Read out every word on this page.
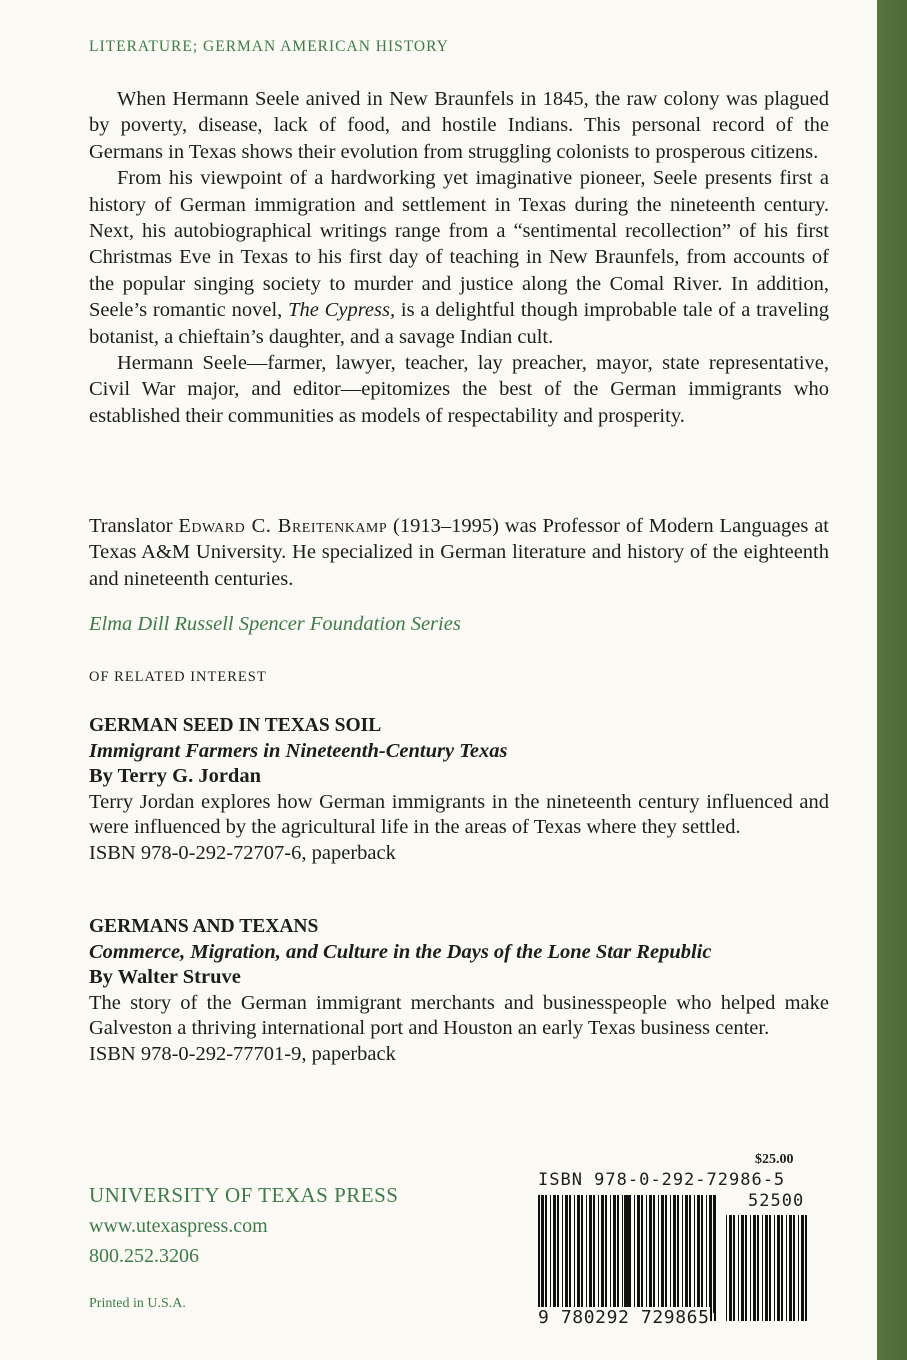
LITERATURE; GERMAN AMERICAN HISTORY

When Hermann Seele anived in New Braunfels in 1845, the raw colony was plagued by poverty, disease, lack of food, and hostile Indians. This personal record of the Germans in Texas shows their evolution from struggling colonists to prosperous citizens.

From his viewpoint of a hardworking yet imaginative pioneer, Seele presents first a history of German immigration and settlement in Texas during the nineteenth century. Next, his autobiographical writings range from a “sentimental recollection” of his first Christmas Eve in Texas to his first day of teaching in New Braunfels, from accounts of the popular singing society to murder and justice along the Comal River. In addition, Seele’s romantic novel, The Cypress, is a delightful though improbable tale of a traveling botanist, a chieftain’s daughter, and a savage Indian cult.

Hermann Seele—farmer, lawyer, teacher, lay preacher, mayor, state representative, Civil War major, and editor—epitomizes the best of the German immigrants who established their communities as models of respectability and prosperity.

Translator Edward C. Breitenkamp (1913–1995) was Professor of Modern Languages at Texas A&M University. He specialized in German literature and history of the eighteenth and nineteenth centuries.

Elma Dill Russell Spencer Foundation Series
OF RELATED INTEREST
GERMAN SEED IN TEXAS SOIL
Immigrant Farmers in Nineteenth-Century Texas
By Terry G. Jordan
Terry Jordan explores how German immigrants in the nineteenth century influenced and were influenced by the agricultural life in the areas of Texas where they settled.
ISBN 978-0-292-72707-6, paperback
GERMANS AND TEXANS
Commerce, Migration, and Culture in the Days of the Lone Star Republic
By Walter Struve
The story of the German immigrant merchants and businesspeople who helped make Galveston a thriving international port and Houston an early Texas business center.
ISBN 978-0-292-77701-9, paperback
UNIVERSITY OF TEXAS PRESS
www.utexaspress.com
800.252.3206
Printed in U.S.A.
$25.00
ISBN 978-0-292-72986-5
52500
9 780292 729865
